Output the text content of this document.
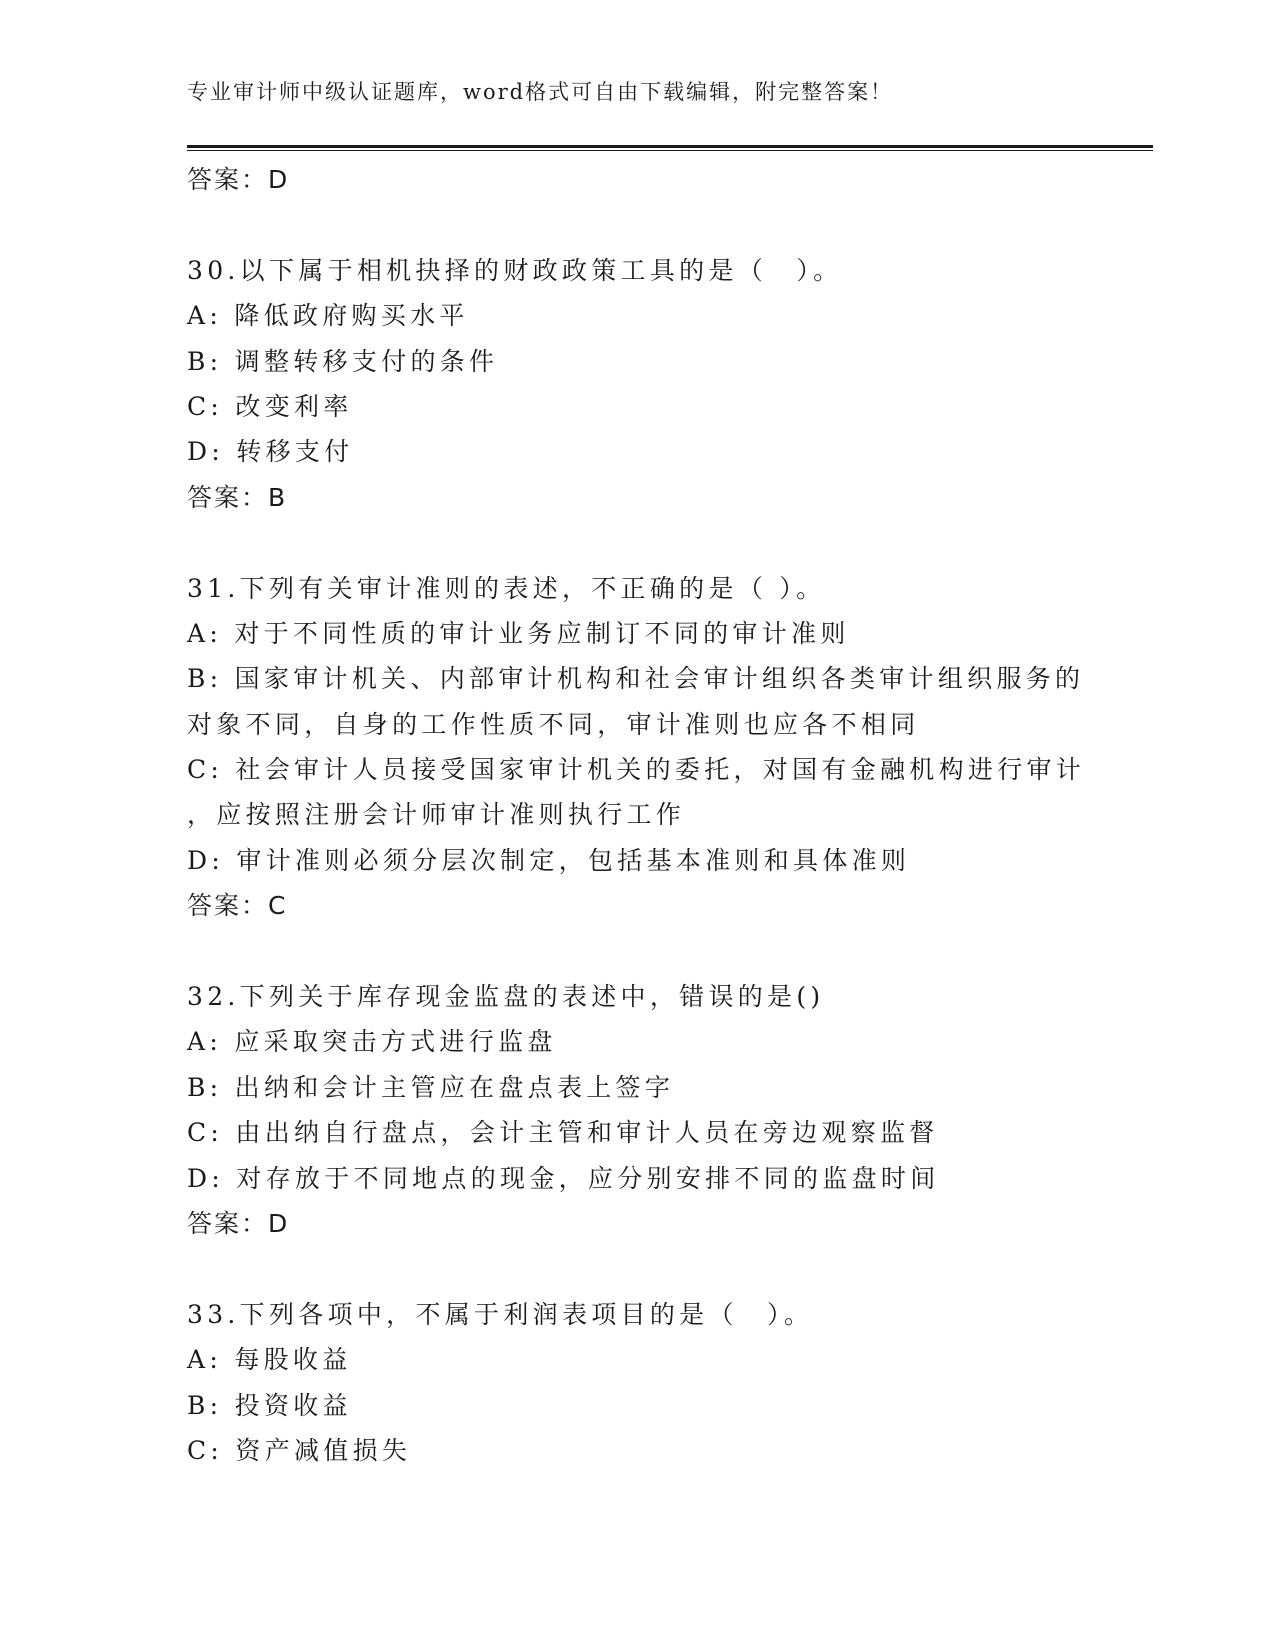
专业审计师中级认证题库，word格式可自由下载编辑，附完整答案！
答案：D
30.以下属于相机抉择的财政政策工具的是（　）。
A: 降低政府购买水平
B: 调整转移支付的条件
C: 改变利率
D: 转移支付
答案：B
31.下列有关审计准则的表述，不正确的是（ ）。
A: 对于不同性质的审计业务应制订不同的审计准则
B: 国家审计机关、内部审计机构和社会审计组织各类审计组织服务的
对象不同，自身的工作性质不同，审计准则也应各不相同
C: 社会审计人员接受国家审计机关的委托，对国有金融机构进行审计
，应按照注册会计师审计准则执行工作
D: 审计准则必须分层次制定，包括基本准则和具体准则
答案：C
32.下列关于库存现金监盘的表述中，错误的是()
A: 应采取突击方式进行监盘
B: 出纳和会计主管应在盘点表上签字
C: 由出纳自行盘点，会计主管和审计人员在旁边观察监督
D: 对存放于不同地点的现金，应分别安排不同的监盘时间
答案：D
33.下列各项中，不属于利润表项目的是（　）。
A: 每股收益
B: 投资收益
C: 资产减值损失
